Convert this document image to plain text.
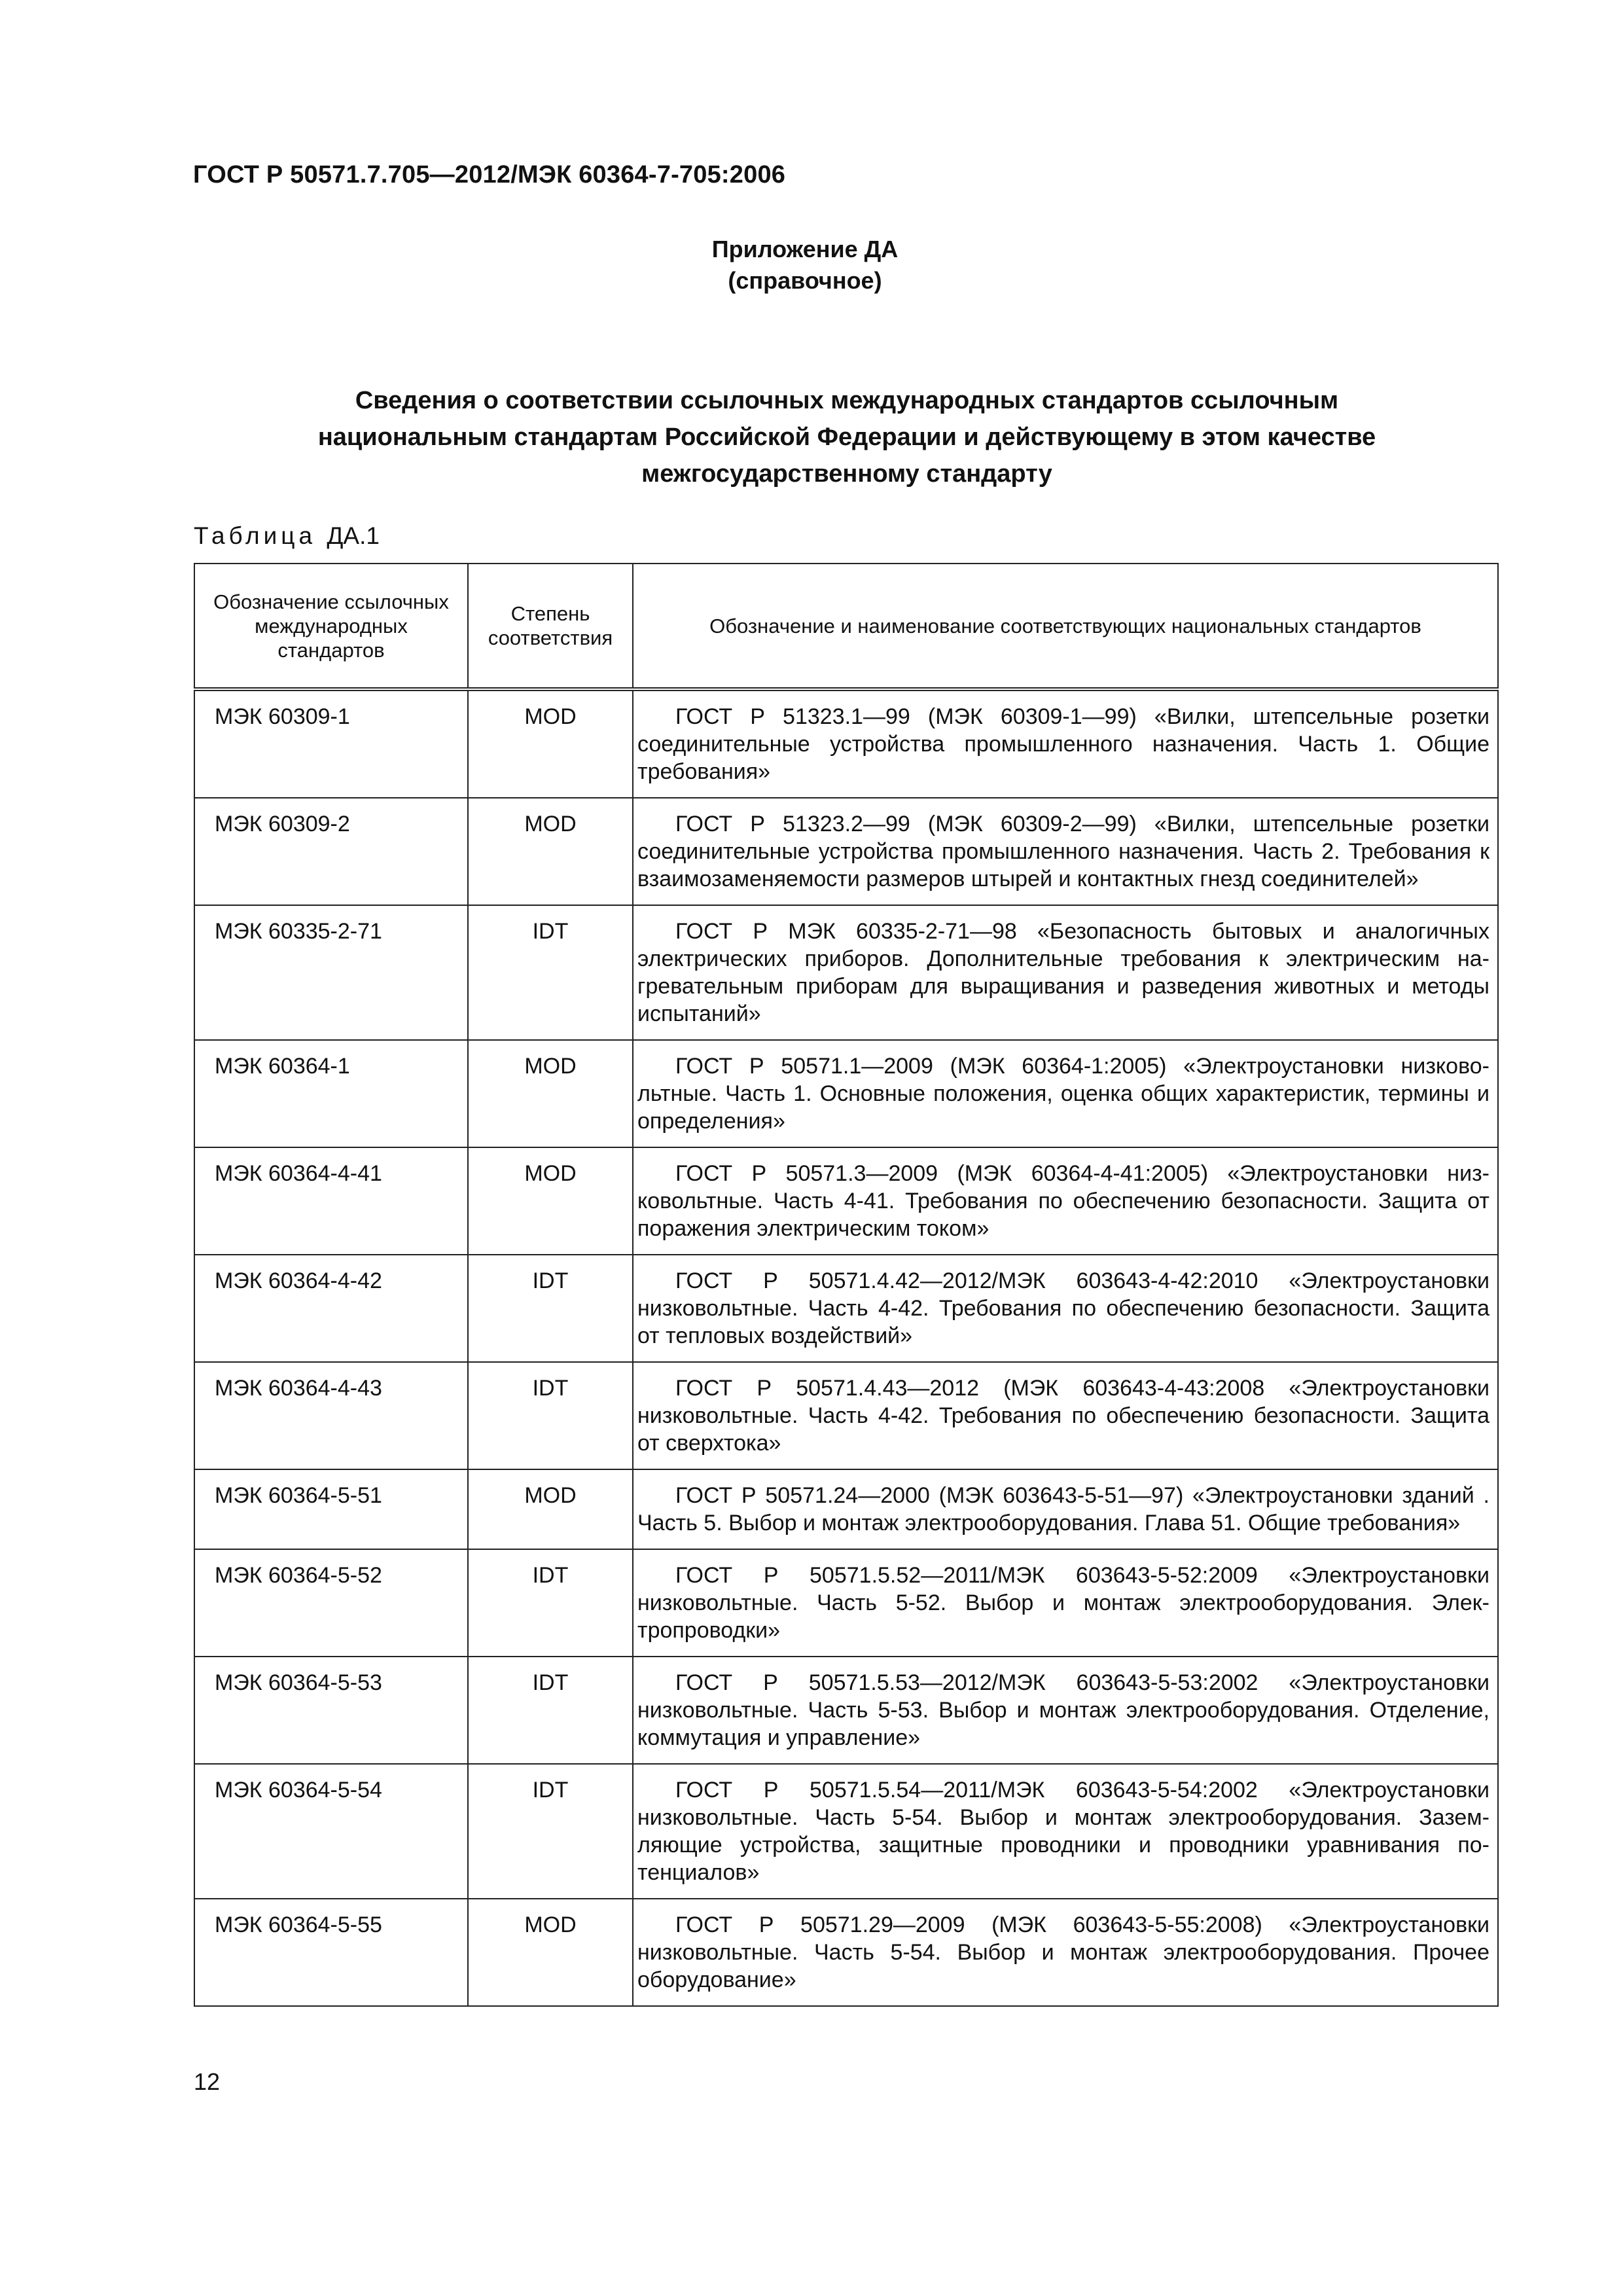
ГОСТ Р 50571.7.705—2012/МЭК 60364-7-705:2006
Приложение ДА
(справочное)
Сведения о соответствии ссылочных международных стандартов ссылочным
национальным стандартам Российской Федерации и действующему в этом качестве
межгосударственному стандарту
Таблица ДА.1
Обозначение ссылочных международных стандартов	Степень соответствия	Обозначение и наименование соответствующих национальных стандартов
МЭК 60309-1	MOD	ГОСТ Р 51323.1—99 (МЭК 60309-1—99) «Вилки, штепсельные розетки соединительные устройства промышленного назначения. Часть 1. Общие требования»
МЭК 60309-2	MOD	ГОСТ Р 51323.2—99 (МЭК 60309-2—99) «Вилки, штепсельные розетки соединительные устройства промышленного назначения. Часть 2. Требования к взаимозаменяемости размеров штырей и контактных гнезд соединителей»
МЭК 60335-2-71	IDT	ГОСТ Р МЭК 60335-2-71—98 «Безопасность бытовых и аналогичных электрических приборов. Дополнительные требования к электрическим нагревательным приборам для выращивания и разведения животных и методы испытаний»
МЭК 60364-1	MOD	ГОСТ Р 50571.1—2009 (МЭК 60364-1:2005) «Электроустановки низковольтные. Часть 1. Основные положения, оценка общих характеристик, термины и определения»
МЭК 60364-4-41	MOD	ГОСТ Р 50571.3—2009 (МЭК 60364-4-41:2005) «Электроустановки низковольтные. Часть 4-41. Требования по обеспечению безопасности. Защита от поражения электрическим током»
МЭК 60364-4-42	IDT	ГОСТ Р 50571.4.42—2012/МЭК 603643-4-42:2010 «Электроустановки низковольтные. Часть 4-42. Требования по обеспечению безопасности. Защита от тепловых воздействий»
МЭК 60364-4-43	IDT	ГОСТ Р 50571.4.43—2012 (МЭК 603643-4-43:2008 «Электроустановки низковольтные. Часть 4-42. Требования по обеспечению безопасности. Защита от сверхтока»
МЭК 60364-5-51	MOD	ГОСТ Р 50571.24—2000 (МЭК 603643-5-51—97) «Электроустановки зданий . Часть 5. Выбор и монтаж электрооборудования. Глава 51. Общие требования»
МЭК 60364-5-52	IDT	ГОСТ Р 50571.5.52—2011/МЭК 603643-5-52:2009 «Электроустановки низковольтные. Часть 5-52. Выбор и монтаж электрооборудования. Электропроводки»
МЭК 60364-5-53	IDT	ГОСТ Р 50571.5.53—2012/МЭК 603643-5-53:2002 «Электроустановки низковольтные. Часть 5-53. Выбор и монтаж электрооборудования. Отделение, коммутация и управление»
МЭК 60364-5-54	IDT	ГОСТ Р 50571.5.54—2011/МЭК 603643-5-54:2002 «Электроустановки низковольтные. Часть 5-54. Выбор и монтаж электрооборудования. Заземляющие устройства, защитные проводники и проводники уравнивания потенциалов»
МЭК 60364-5-55	MOD	ГОСТ Р 50571.29—2009 (МЭК 603643-5-55:2008) «Электроустановки низковольтные. Часть 5-54. Выбор и монтаж электрооборудования. Прочее оборудование»
12
